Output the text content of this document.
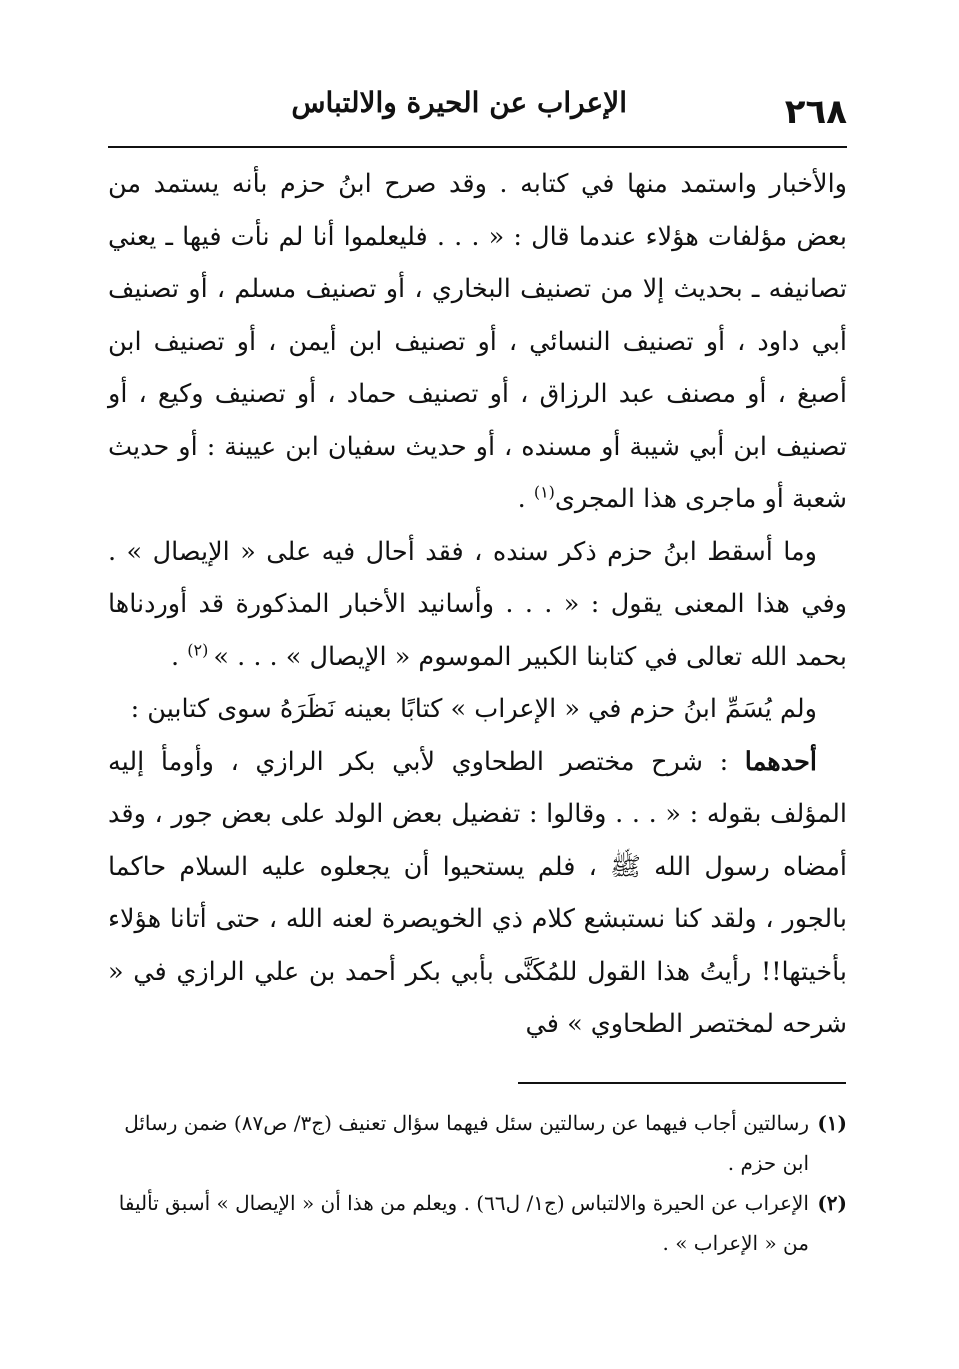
٢٦٨
الإعراب عن الحيرة والالتباس

والأخبار واستمد منها في كتابه . وقد صرح ابنُ حزم بأنه يستمد من بعض مؤلفات هؤلاء عندما قال : « . . . فليعلموا أنا لم نأت فيها ـ يعني تصانيفه ـ بحديث إلا من تصنيف البخاري ، أو تصنيف مسلم ، أو تصنيف أبي داود ، أو تصنيف النسائي ، أو تصنيف ابن أيمن ، أو تصنيف ابن أصبغ ، أو مصنف عبد الرزاق ، أو تصنيف حماد ، أو تصنيف وكيع ، أو تصنيف ابن أبي شيبة أو مسنده ، أو حديث سفيان ابن عيينة : أو حديث شعبة أو ماجرى هذا المجرى$^{(١)}$ .

وما أسقط ابنُ حزم ذكر سنده ، فقد أحال فيه على « الإيصال » . وفي هذا المعنى يقول : « . . . وأسانيد الأخبار المذكورة قد أوردناها بحمد الله تعالى في كتابنا الكبير الموسوم « الإيصال » . . . » $^{(٢)}$ .

ولم يُسَمِّ ابنُ حزم في « الإعراب » كتابًا بعينه نَظَرَهُ سوى كتابين :

أحدهما : شرح مختصر الطحاوي لأبي بكر الرازي ، وأومأ إليه المؤلف بقوله : « . . . وقالوا : تفضيل بعض الولد على بعض جور ، وقد أمضاه رسول الله ﷺ ، فلم يستحيوا أن يجعلوه عليه السلام حاكما بالجور ، ولقد كنا نستبشع كلام ذي الخويصرة لعنه الله ، حتى أتانا هؤلاء بأخيتها!! رأيتُ هذا القول للمُكَنَّى بأبي بكر أحمد بن علي الرازي في « شرحه لمختصر الطحاوي » في

(١)رسالتين أجاب فيهما عن رسالتين سئل فيهما سؤال تعنيف (ج٣/ ص٨٧) ضمن رسائل

ابن حزم .

(٢)الإعراب عن الحيرة والالتباس (ج١/ ل٦٦) . ويعلم من هذا أن « الإيصال » أسبق تأليفا

من « الإعراب » .
